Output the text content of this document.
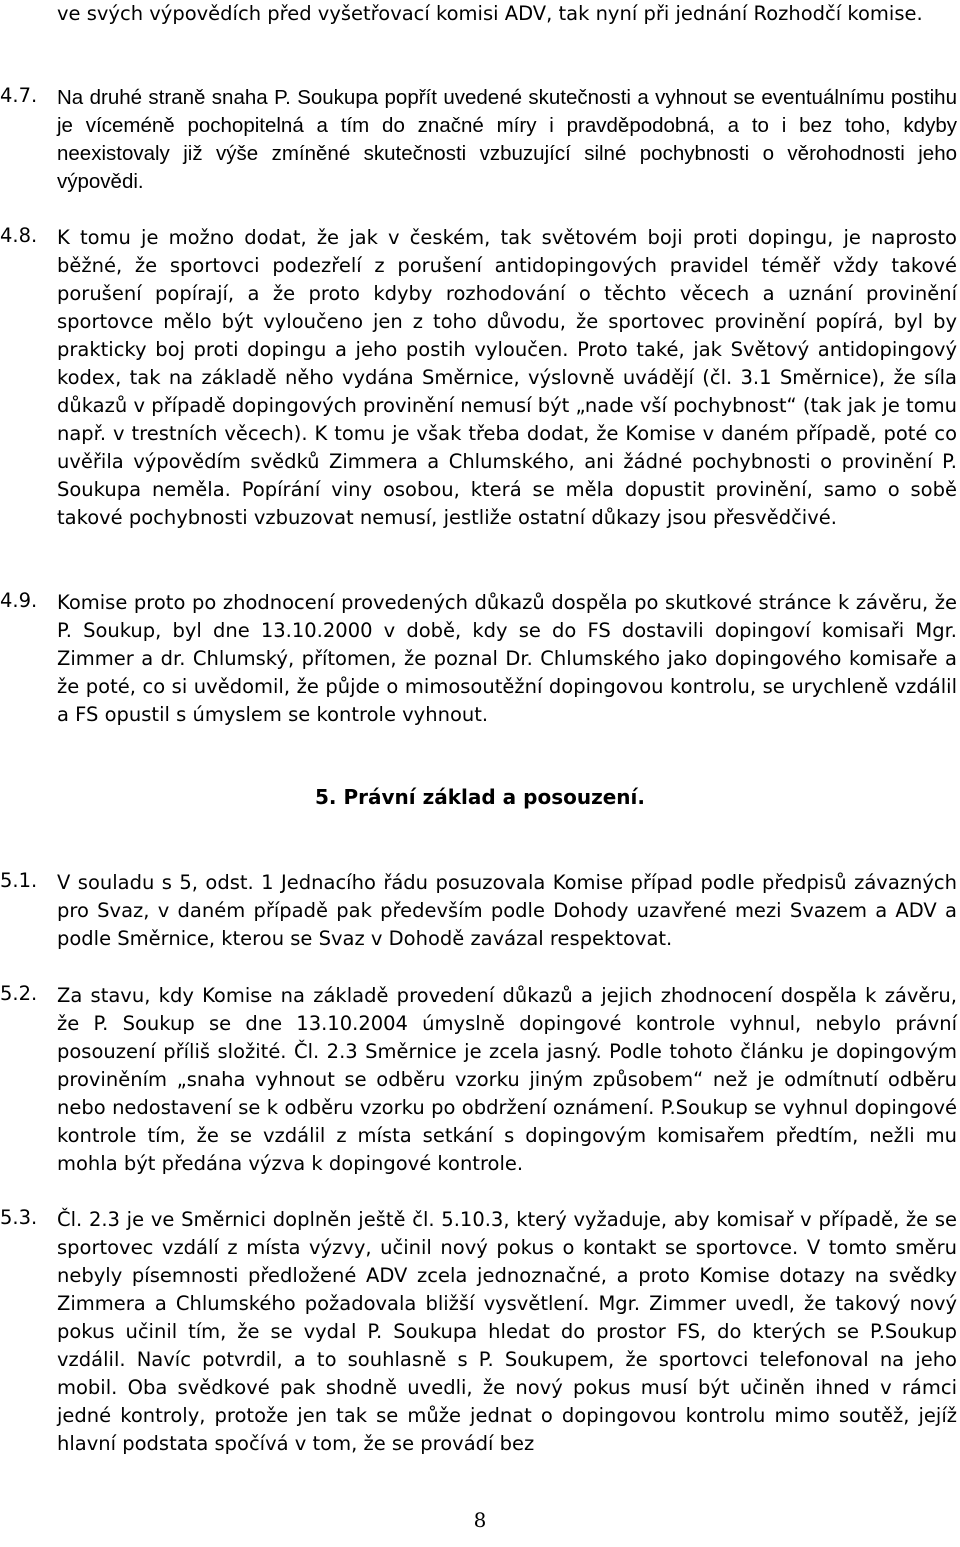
ve svých výpovědích před vyšetřovací komisi ADV, tak nyní při jednání Rozhodčí komise.
4.7. Na druhé straně snaha P. Soukupa popřít uvedené skutečnosti a vyhnout se eventuálnímu postihu je víceméně pochopitelná a tím do značné míry i pravděpodobná, a to i bez toho, kdyby neexistovaly již výše zmíněné skutečnosti vzbuzující silné pochybnosti o věrohodnosti jeho výpovědi.
4.8. K tomu je možno dodat, že jak v českém, tak světovém boji proti dopingu, je naprosto běžné, že sportovci podezřelí z porušení antidopingových pravidel téměř vždy takové porušení popírají, a že proto kdyby rozhodování o těchto věcech a uznání provinění sportovce mělo být vyloučeno jen z toho důvodu, že sportovec provinění popírá, byl by prakticky boj proti dopingu a jeho postih vyloučen. Proto také, jak Světový antidopingový kodex, tak na základě něho vydána Směrnice, výslovně uvádějí (čl. 3.1 Směrnice), že síla důkazů v případě dopingových provinění nemusí být „nade vší pochybnost“ (tak jak je tomu např. v trestních věcech). K tomu je však třeba dodat, že Komise v daném případě, poté co uvěřila výpovědím svědků Zimmera a Chlumského, ani žádné pochybnosti o provinění P. Soukupa neměla. Popírání viny osobou, která se měla dopustit provinění, samo o sobě takové pochybnosti vzbuzovat nemusí, jestliže ostatní důkazy jsou přesvědčivé.
4.9. Komise proto po zhodnocení provedených důkazů dospěla po skutkové stránce k závěru, že P. Soukup, byl dne 13.10.2000 v době, kdy se do FS dostavili dopingoví komisaři Mgr. Zimmer a dr. Chlumský, přítomen, že poznal Dr. Chlumského jako dopingového komisaře a že poté, co si uvědomil, že půjde o mimosoutěžní dopingovou kontrolu, se urychleně vzdálil a FS opustil s úmyslem se kontrole vyhnout.
5. Právní základ a posouzení.
5.1. V souladu s 5, odst. 1 Jednacího řádu posuzovala Komise případ podle předpisů závazných pro Svaz, v daném případě pak především podle Dohody uzavřené mezi Svazem a ADV a podle Směrnice, kterou se Svaz v Dohodě zavázal respektovat.
5.2. Za stavu, kdy Komise na základě provedení důkazů a jejich zhodnocení dospěla k závěru, že P. Soukup se dne 13.10.2004 úmyslně dopingové kontrole vyhnul, nebylo právní posouzení příliš složité. Čl. 2.3 Směrnice je zcela jasný. Podle tohoto článku je dopingovým proviněním „snaha vyhnout se odběru vzorku jiným způsobem“ než je odmítnutí odběru nebo nedostavení se k odběru vzorku po obdržení oznámení. P.Soukup se vyhnul dopingové kontrole tím, že se vzdálil z místa setkání s dopingovým komisařem předtím, nežli mu mohla být předána výzva k dopingové kontrole.
5.3. Čl. 2.3 je ve Směrnici doplněn ještě čl. 5.10.3, který vyžaduje, aby komisař v případě, že se sportovec vzdálí z místa výzvy, učinil nový pokus o kontakt se sportovce. V tomto směru nebyly písemnosti předložené ADV zcela jednoznačné, a proto Komise dotazy na svědky Zimmera a Chlumského požadovala bližší vysvětlení. Mgr. Zimmer uvedl, že takový nový pokus učinil tím, že se vydal P. Soukupa hledat do prostor FS, do kterých se P.Soukup vzdálil. Navíc potvrdil, a to souhlasně s P. Soukupem, že sportovci telefonoval na jeho mobil. Oba svědkové pak shodně uvedli, že nový pokus musí být učiněn ihned v rámci jedné kontroly, protože jen tak se může jednat o dopingovou kontrolu mimo soutěž, jejíž hlavní podstata spočívá v tom, že se provádí bez
8
